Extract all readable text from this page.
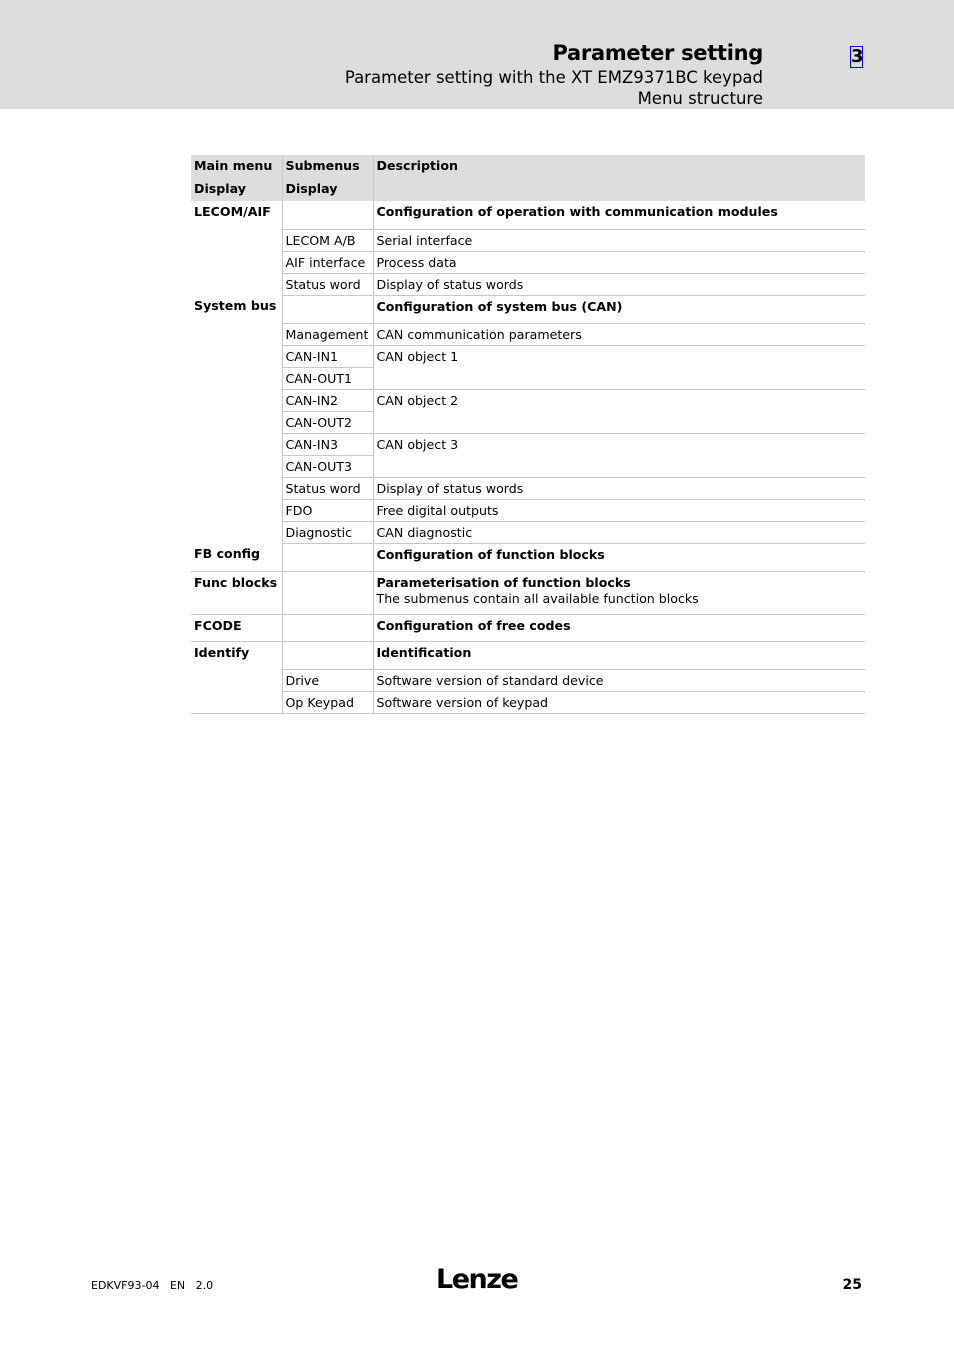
Parameter setting
Parameter setting with the XT EMZ9371BC keypad
Menu structure
3
Main menu	Submenus	Description
Display	Display	
LECOM/AIF		Configuration of operation with communication modules
	LECOM A/B	Serial interface
	AIF interface	Process data
	Status word	Display of status words
System bus		Configuration of system bus (CAN)
	Management	CAN communication parameters
	CAN-IN1	CAN object 1
	CAN-OUT1	
	CAN-IN2	CAN object 2
	CAN-OUT2	
	CAN-IN3	CAN object 3
	CAN-OUT3	
	Status word	Display of status words
	FDO	Free digital outputs
	Diagnostic	CAN diagnostic
FB config		Configuration of function blocks
Func blocks		Parameterisation of function blocks
The submenus contain all available function blocks

FCODE		Configuration of free codes
Identify		Identification
	Drive	Software version of standard device
	Op Keypad	Software version of keypad
EDKVF93-04 EN 2.0	Lenze	25
